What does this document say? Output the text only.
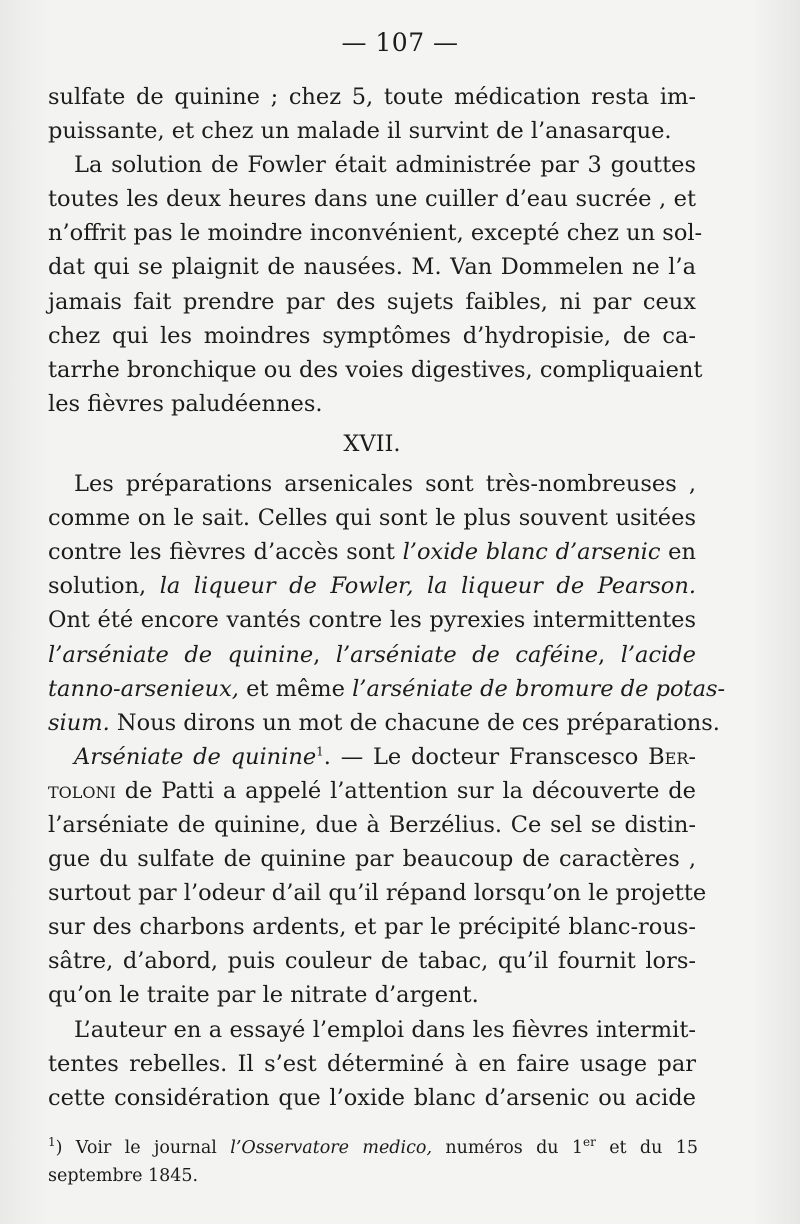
— 107 —
sulfate de quinine ; chez 5, toute médication resta im-
puissante, et chez un malade il survint de l’anasarque.
La solution de Fowler était administrée par 3 gouttes
toutes les deux heures dans une cuiller d’eau sucrée , et
n’offrit pas le moindre inconvénient, excepté chez un sol-
dat qui se plaignit de nausées. M. Van Dommelen ne l’a
jamais fait prendre par des sujets faibles, ni par ceux
chez qui les moindres symptômes d’hydropisie, de ca-
tarrhe bronchique ou des voies digestives, compliquaient
les fièvres paludéennes.
XVII.
Les préparations arsenicales sont très-nombreuses ,
comme on le sait. Celles qui sont le plus souvent usitées
contre les fièvres d’accès sont l’oxide blanc d’arsenic en
solution, la liqueur de Fowler, la liqueur de Pearson.
Ont été encore vantés contre les pyrexies intermittentes
l’arséniate de quinine, l’arséniate de caféine, l’acide
tanno-arsenieux, et même l’arséniate de bromure de potas-
sium. Nous dirons un mot de chacune de ces préparations.
Arséniate de quinine$^1$. — Le docteur Franscesco Ber-
toloni de Patti a appelé l’attention sur la découverte de
l’arséniate de quinine, due à Berzélius. Ce sel se distin-
gue du sulfate de quinine par beaucoup de caractères ,
surtout par l’odeur d’ail qu’il répand lorsqu’on le projette
sur des charbons ardents, et par le précipité blanc-rous-
sâtre, d’abord, puis couleur de tabac, qu’il fournit lors-
qu’on le traite par le nitrate d’argent.
L’auteur en a essayé l’emploi dans les fièvres intermit-
tentes rebelles. Il s’est déterminé à en faire usage par
cette considération que l’oxide blanc d’arsenic ou acide
$^1$) Voir le journal l’Osservatore medico, numéros du 1er et du 15
septembre 1845.
